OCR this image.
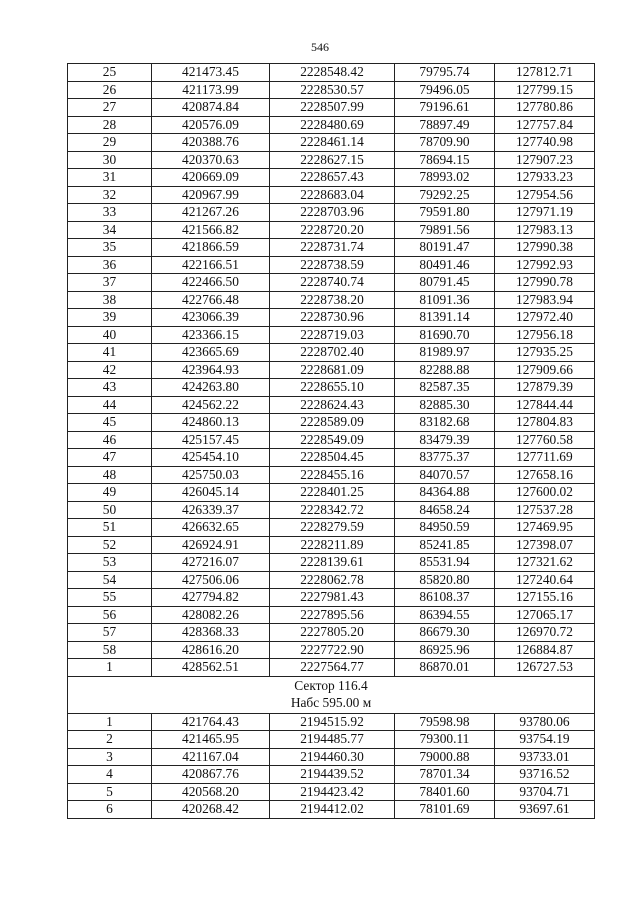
546
25	421473.45	2228548.42	79795.74	127812.71
26	421173.99	2228530.57	79496.05	127799.15
27	420874.84	2228507.99	79196.61	127780.86
28	420576.09	2228480.69	78897.49	127757.84
29	420388.76	2228461.14	78709.90	127740.98
30	420370.63	2228627.15	78694.15	127907.23
31	420669.09	2228657.43	78993.02	127933.23
32	420967.99	2228683.04	79292.25	127954.56
33	421267.26	2228703.96	79591.80	127971.19
34	421566.82	2228720.20	79891.56	127983.13
35	421866.59	2228731.74	80191.47	127990.38
36	422166.51	2228738.59	80491.46	127992.93
37	422466.50	2228740.74	80791.45	127990.78
38	422766.48	2228738.20	81091.36	127983.94
39	423066.39	2228730.96	81391.14	127972.40
40	423366.15	2228719.03	81690.70	127956.18
41	423665.69	2228702.40	81989.97	127935.25
42	423964.93	2228681.09	82288.88	127909.66
43	424263.80	2228655.10	82587.35	127879.39
44	424562.22	2228624.43	82885.30	127844.44
45	424860.13	2228589.09	83182.68	127804.83
46	425157.45	2228549.09	83479.39	127760.58
47	425454.10	2228504.45	83775.37	127711.69
48	425750.03	2228455.16	84070.57	127658.16
49	426045.14	2228401.25	84364.88	127600.02
50	426339.37	2228342.72	84658.24	127537.28
51	426632.65	2228279.59	84950.59	127469.95
52	426924.91	2228211.89	85241.85	127398.07
53	427216.07	2228139.61	85531.94	127321.62
54	427506.06	2228062.78	85820.80	127240.64
55	427794.82	2227981.43	86108.37	127155.16
56	428082.26	2227895.56	86394.55	127065.17
57	428368.33	2227805.20	86679.30	126970.72
58	428616.20	2227722.90	86925.96	126884.87
1	428562.51	2227564.77	86870.01	126727.53

Сектор 116.4
Набс 595.00 м				

1	421764.43	2194515.92	79598.98	93780.06
2	421465.95	2194485.77	79300.11	93754.19
3	421167.04	2194460.30	79000.88	93733.01
4	420867.76	2194439.52	78701.34	93716.52
5	420568.20	2194423.42	78401.60	93704.71
6	420268.42	2194412.02	78101.69	93697.61
